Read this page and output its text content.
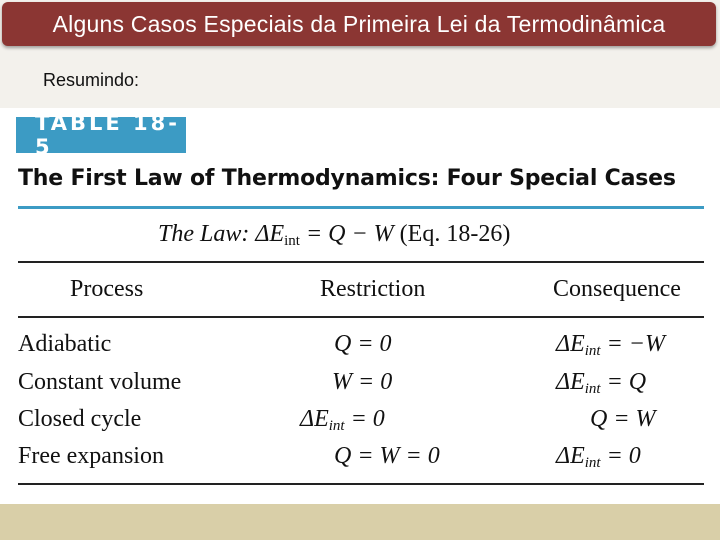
Alguns Casos Especiais da Primeira Lei da Termodinâmica
Resumindo:
TABLE 18-5
The First Law of Thermodynamics: Four Special Cases
The Law: $\Delta E_{int} = Q - W$ (Eq. 18-26)
Process	Restriction	Consequence
Adiabatic	Q = 0	$\Delta E_{int} = -W$
Constant volume	W = 0	$\Delta E_{int} = Q$
Closed cycle	$\Delta E_{int} = 0$	Q = W
Free expansion	Q = W = 0	$\Delta E_{int} = 0$
